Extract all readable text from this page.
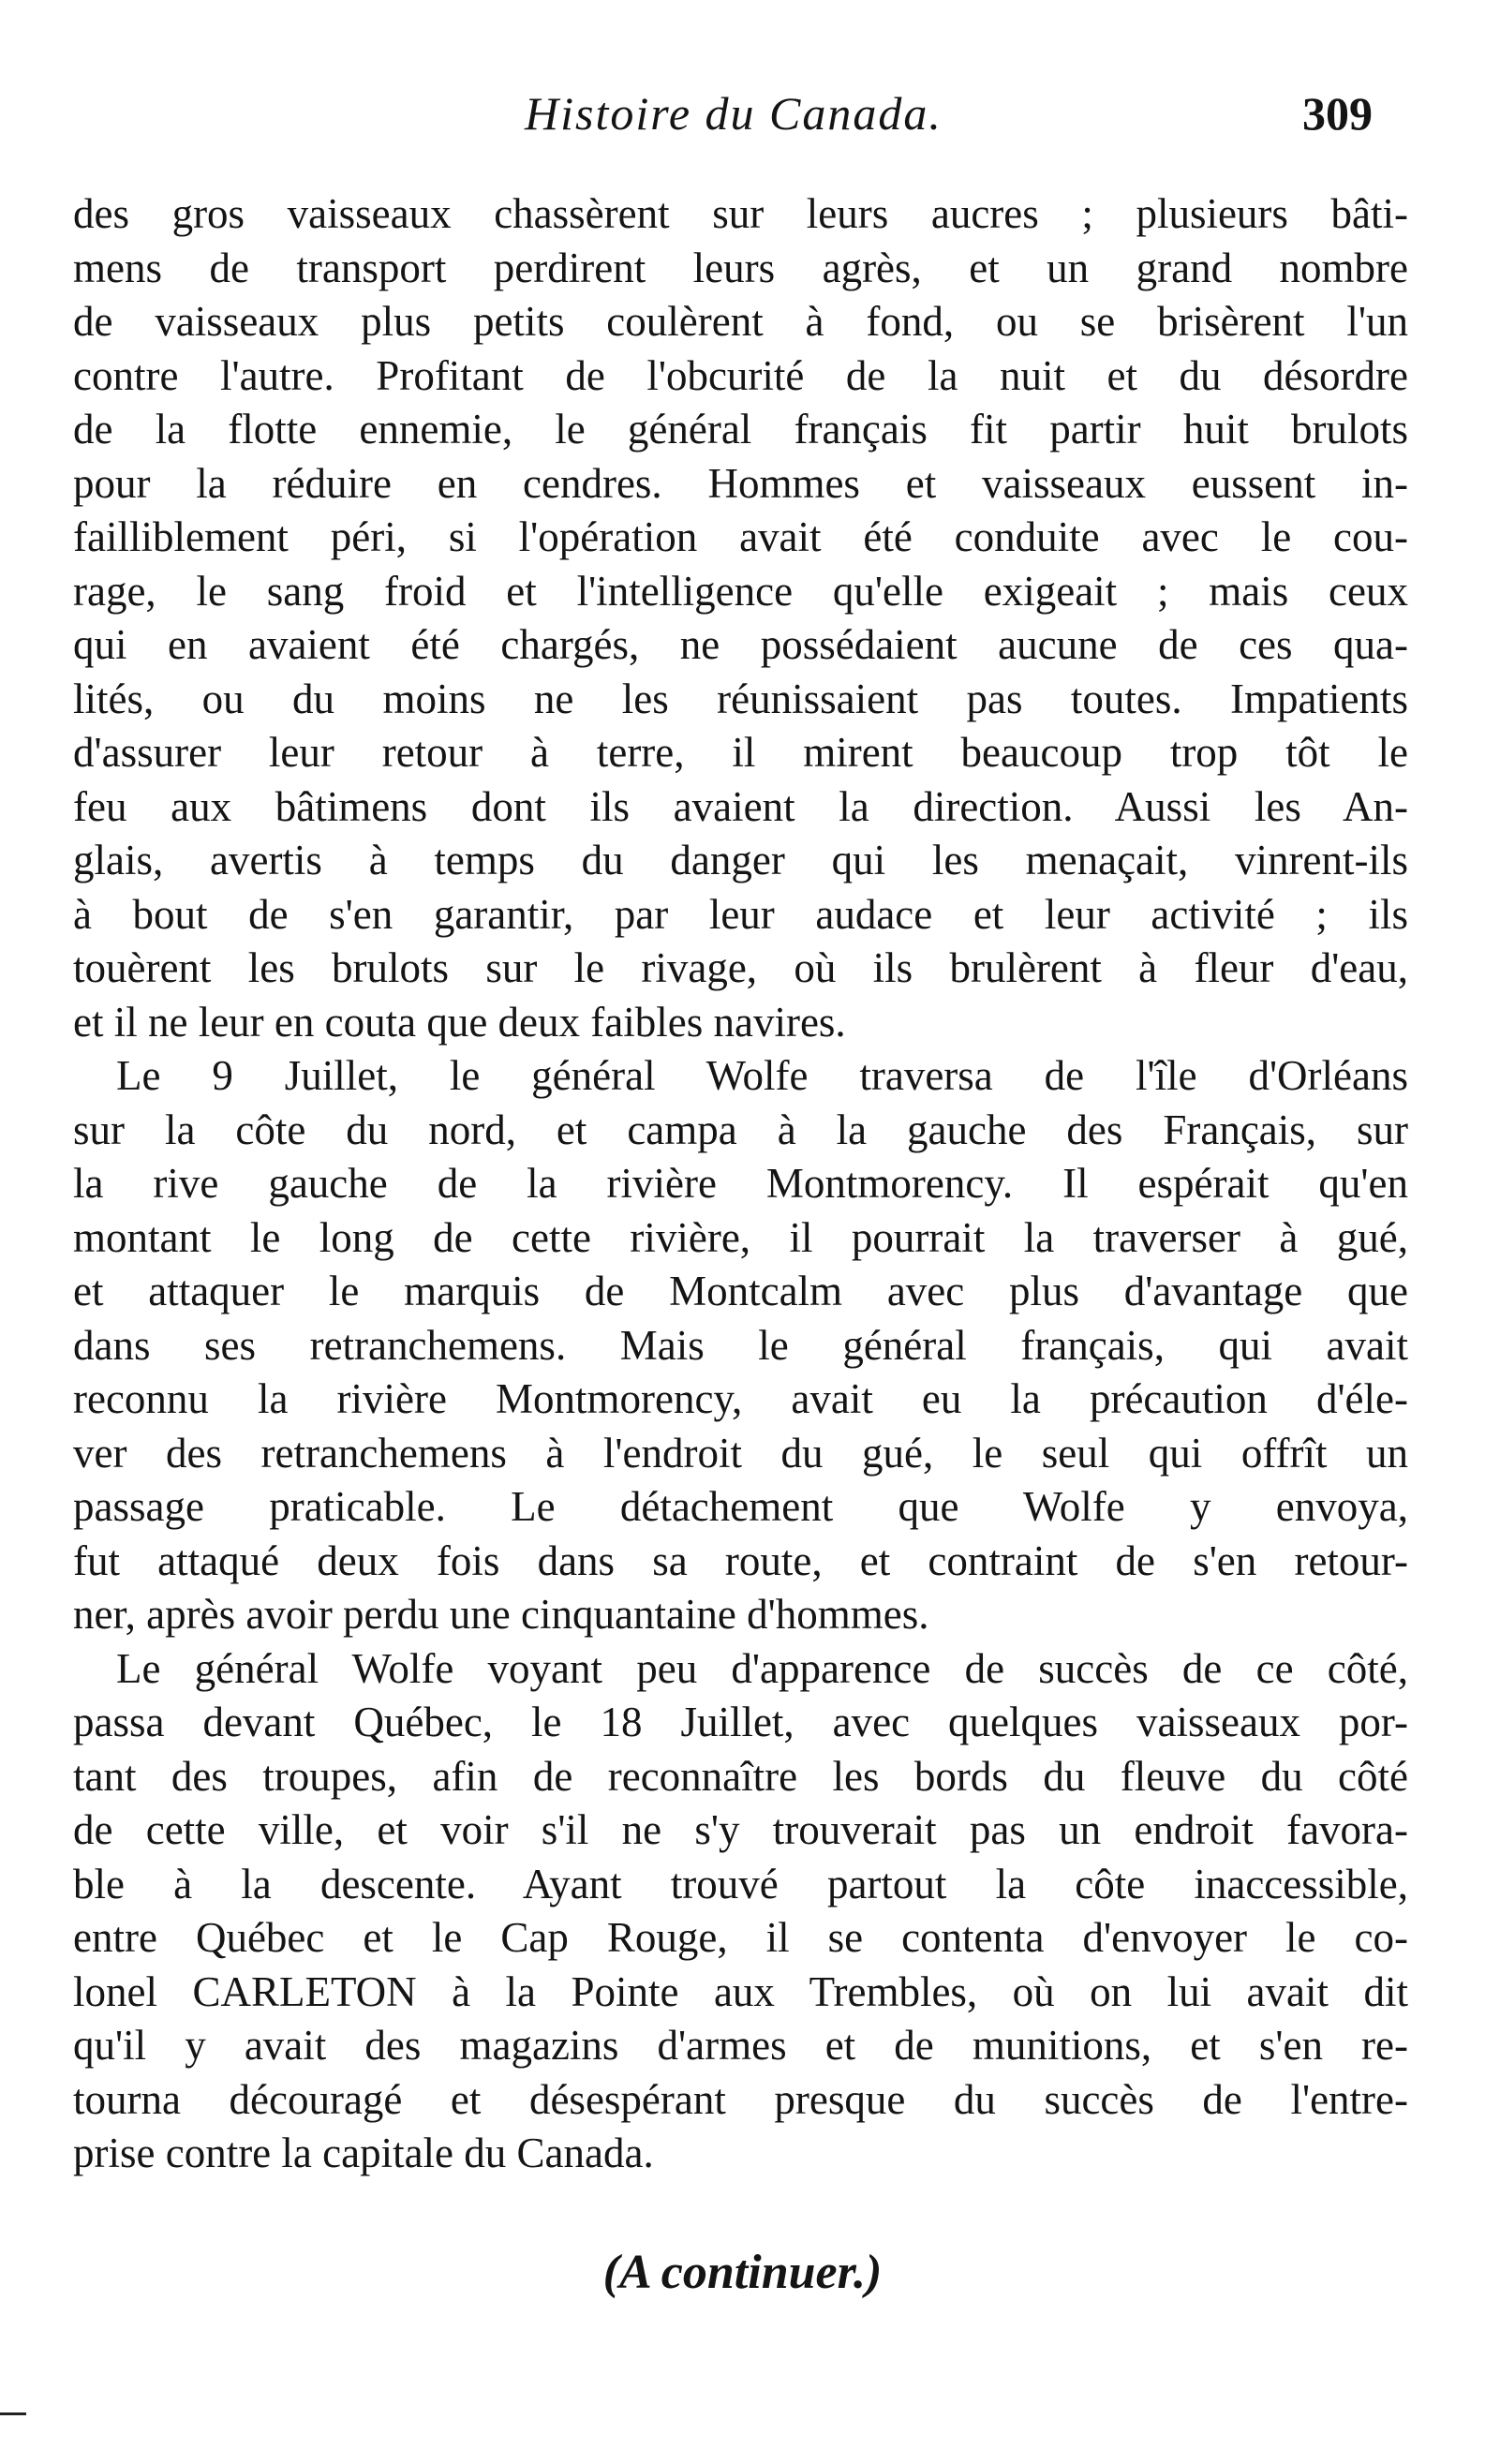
Histoire du Canada.	309
des gros vaisseaux chassèrent sur leurs aucres ; plusieurs bâti-
mens de transport perdirent leurs agrès, et un grand nombre
de vaisseaux plus petits coulèrent à fond, ou se brisèrent l'un
contre l'autre. Profitant de l'obcurité de la nuit et du désordre
de la flotte ennemie, le général français fit partir huit brulots
pour la réduire en cendres. Hommes et vaisseaux eussent in-
failliblement péri, si l'opération avait été conduite avec le cou-
rage, le sang froid et l'intelligence qu'elle exigeait ; mais ceux
qui en avaient été chargés, ne possédaient aucune de ces qua-
lités, ou du moins ne les réunissaient pas toutes. Impatients
d'assurer leur retour à terre, il mirent beaucoup trop tôt le
feu aux bâtimens dont ils avaient la direction. Aussi les An-
glais, avertis à temps du danger qui les menaçait, vinrent-ils
à bout de s'en garantir, par leur audace et leur activité ; ils
touèrent les brulots sur le rivage, où ils brulèrent à fleur d'eau,
et il ne leur en couta que deux faibles navires.
Le 9 Juillet, le général Wolfe traversa de l'île d'Orléans
sur la côte du nord, et campa à la gauche des Français, sur
la rive gauche de la rivière Montmorency. Il espérait qu'en
montant le long de cette rivière, il pourrait la traverser à gué,
et attaquer le marquis de Montcalm avec plus d'avantage que
dans ses retranchemens. Mais le général français, qui avait
reconnu la rivière Montmorency, avait eu la précaution d'éle-
ver des retranchemens à l'endroit du gué, le seul qui offrît un
passage praticable. Le détachement que Wolfe y envoya,
fut attaqué deux fois dans sa route, et contraint de s'en retour-
ner, après avoir perdu une cinquantaine d'hommes.
Le général Wolfe voyant peu d'apparence de succès de ce côté,
passa devant Québec, le 18 Juillet, avec quelques vaisseaux por-
tant des troupes, afin de reconnaître les bords du fleuve du côté
de cette ville, et voir s'il ne s'y trouverait pas un endroit favora-
ble à la descente. Ayant trouvé partout la côte inaccessible,
entre Québec et le Cap Rouge, il se contenta d'envoyer le co-
lonel CARLETON à la Pointe aux Trembles, où on lui avait dit
qu'il y avait des magazins d'armes et de munitions, et s'en re-
tourna découragé et désespérant presque du succès de l'entre-
prise contre la capitale du Canada.
(A continuer.)
